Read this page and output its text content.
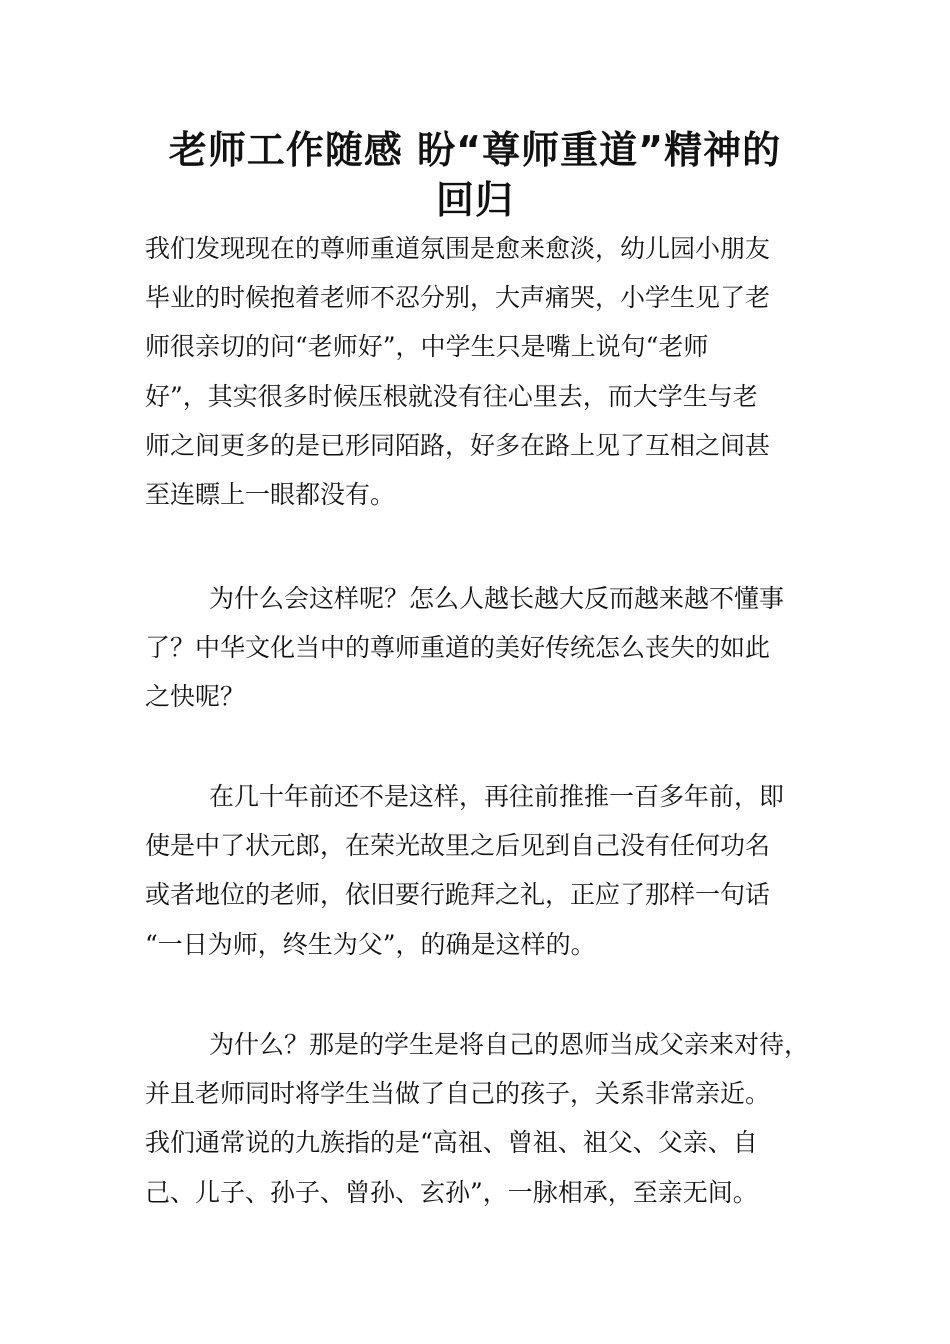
老师工作随感 盼“尊师重道”精神的
回归
我们发现现在的尊师重道氛围是愈来愈淡，幼儿园小朋友
毕业的时候抱着老师不忍分别，大声痛哭，小学生见了老
师很亲切的问“老师好”，中学生只是嘴上说句“老师
好”，其实很多时候压根就没有往心里去，而大学生与老
师之间更多的是已形同陌路，好多在路上见了互相之间甚
至连瞟上一眼都没有。
为什么会这样呢？怎么人越长越大反而越来越不懂事
了？中华文化当中的尊师重道的美好传统怎么丧失的如此
之快呢？
在几十年前还不是这样，再往前推推一百多年前，即
使是中了状元郎，在荣光故里之后见到自己没有任何功名
或者地位的老师，依旧要行跪拜之礼，正应了那样一句话
“一日为师，终生为父”，的确是这样的。
为什么？那是的学生是将自己的恩师当成父亲来对待，
并且老师同时将学生当做了自己的孩子，关系非常亲近。
我们通常说的九族指的是“高祖、曾祖、祖父、父亲、自
己、儿子、孙子、曾孙、玄孙”，一脉相承，至亲无间。
